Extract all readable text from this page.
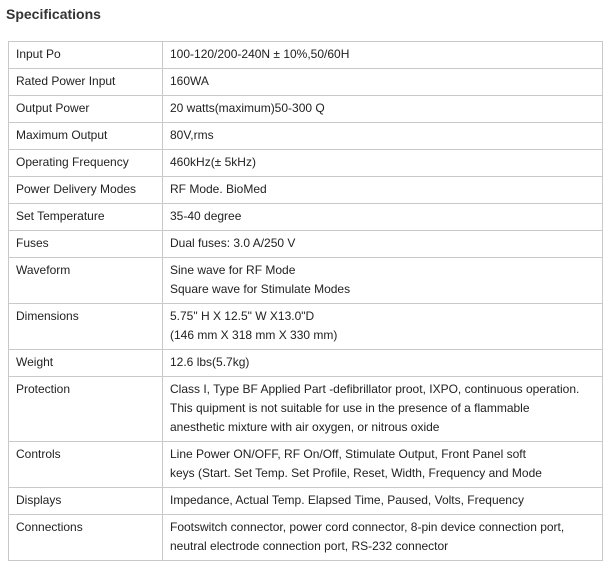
Specifications
Input Po	100-120/200-240N ± 10%,50/60H

Rated Power Input	160WA

Output Power	20 watts(maximum)50-300 Q

Maximum Output	80V,rms

Operating Frequency	460kHz(± 5kHz)

Power Delivery Modes	RF Mode. BioMed

Set Temperature	35-40 degree

Fuses	Dual fuses: 3.0 A/250 V

Waveform	Sine wave for RF Mode
Square wave for Stimulate Modes

Dimensions	5.75" H X 12.5" W X13.0"D
(146 mm X 318 mm X 330 mm)

Weight	12.6 lbs(5.7kg)

Protection	Class I, Type BF Applied Part -defibrillator proot, IXPO, continuous operation.
This quipment is not suitable for use in the presence of a flammable
anesthetic mixture with air oxygen, or nitrous oxide

Controls	Line Power ON/OFF, RF On/Off, Stimulate Output, Front Panel soft
keys (Start. Set Temp. Set Profile, Reset, Width, Frequency and Mode

Displays	Impedance, Actual Temp. Elapsed Time, Paused, Volts, Frequency

Connections	Footswitch connector, power cord connector, 8-pin device connection port,
neutral electrode connection port, RS-232 connector
